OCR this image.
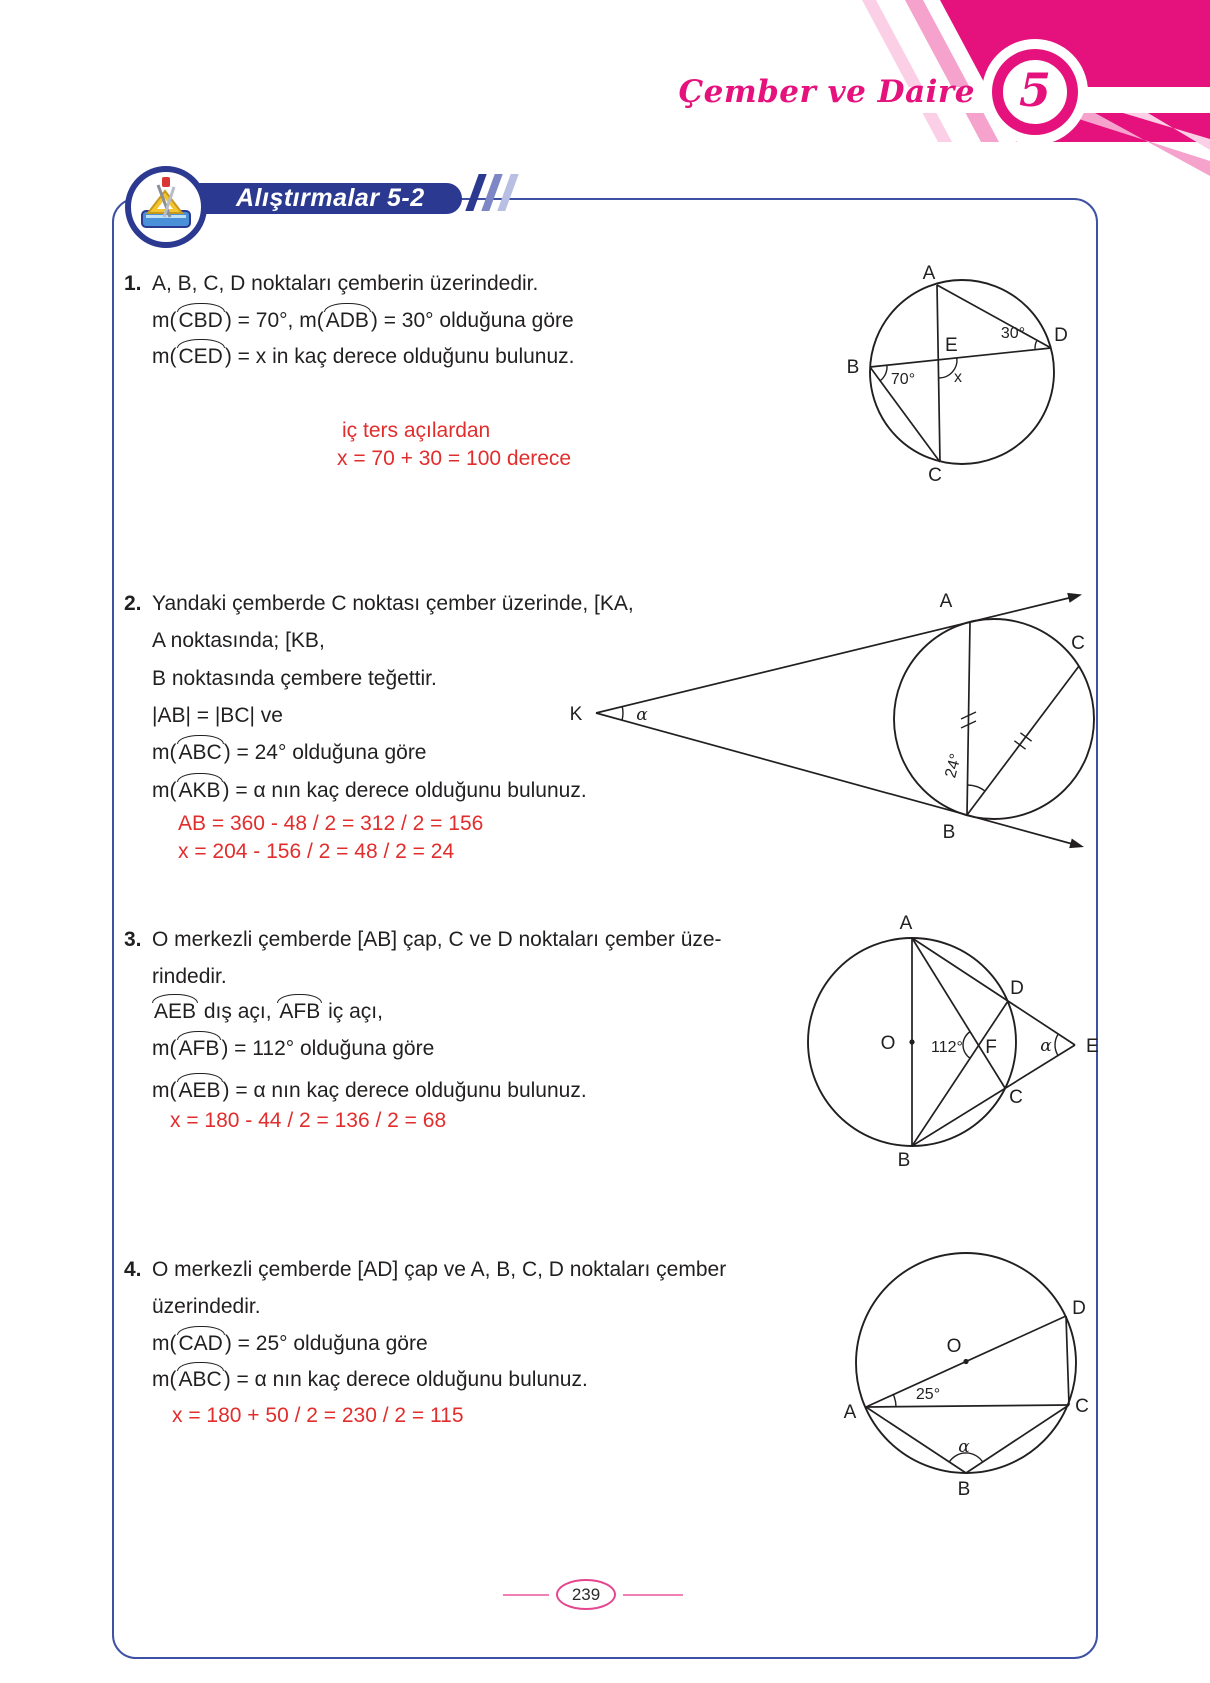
Çember ve Daire 5
Alıştırmalar 5-2
1. A, B, C, D noktaları çemberin üzerindedir.
m(CBD) = 70°, m(ADB) = 30° olduğuna göre
m(CED) = x in kaç derece olduğunu bulunuz.
iç ters açılardan
x = 70 + 30 = 100 derece
A
B
C
D
E
30°
70° x
2. Yandaki çemberde C noktası çember üzerinde, [KA,
A noktasında; [KB,
B noktasında çembere teğettir.
|AB| = |BC| ve
m(ABC) = 24° olduğuna göre
m(AKB) = α nın kaç derece olduğunu bulunuz.
AB = 360 - 48 / 2 = 312 / 2 = 156
x = 204 - 156 / 2 = 48 / 2 = 24
K
A
C
B
α
24°
3. O merkezli çemberde [AB] çap, C ve D noktaları çember üze-
rindedir.
AEB dış açı, AFB iç açı,
m(AFB) = 112° olduğuna göre
m(AEB) = α nın kaç derece olduğunu bulunuz.
x = 180 - 44 / 2 = 136 / 2 = 68
A
B
C
D
E
F
O 112°	α
4. O merkezli çemberde [AD] çap ve A, B, C, D noktaları çember
üzerindedir.
m(CAD) = 25° olduğuna göre
m(ABC) = α nın kaç derece olduğunu bulunuz.
x = 180 + 50 / 2 = 230 / 2 = 115	A
B
C
D
O
25°
α
239
